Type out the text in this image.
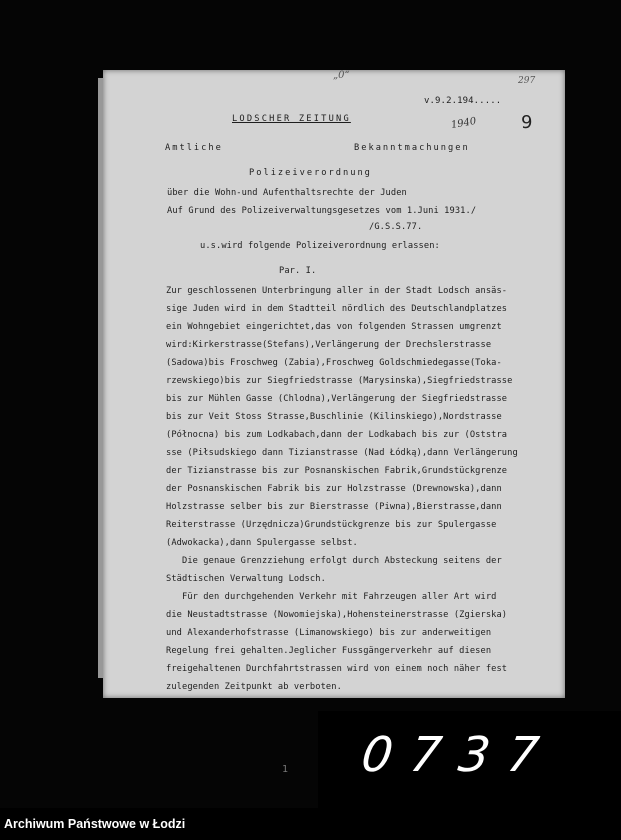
„0“	297
v.9.2.194.....
LODSCHER ZEITUNG	1940 9
Amtliche	Bekanntmachungen
Polizeiverordnung
über die Wohn-und Aufenthaltsrechte der Juden
Auf Grund des Polizeiverwaltungsgesetzes vom 1.Juni 1931./
/G.S.S.77.
u.s.wird folgende Polizeiverordnung erlassen:
Par. I.
Zur geschlossenen Unterbringung aller in der Stadt Lodsch ansäs-
sige Juden wird in dem Stadtteil nördlich des Deutschlandplatzes
ein Wohngebiet eingerichtet,das von folgenden Strassen umgrenzt
wird:Kirkerstrasse(Stefans),Verlängerung der Drechslerstrasse
(Sadowa)bis Froschweg (Zabia),Froschweg Goldschmiedegasse(Toka-
rzewskiego)bis zur Siegfriedstrasse (Marysinska),Siegfriedstrasse
bis zur Mühlen Gasse (Chlodna),Verlängerung der Siegfriedstrasse
bis zur Veit Stoss Strasse,Buschlinie (Kilinskiego),Nordstrasse
(Północna) bis zum Lodkabach,dann der Lodkabach bis zur (Oststra
sse (Piłsudskiego dann Tizianstrasse (Nad Łódką),dann Verlängerung
der Tizianstrasse bis zur Posnanskischen Fabrik,Grundstückgrenze
der Posnanskischen Fabrik bis zur Holzstrasse (Drewnowska),dann
Holzstrasse selber bis zur Bierstrasse (Piwna),Bierstrasse,dann
Reiterstrasse (Urzędnicza)Grundstückgrenze bis zur Spulergasse
(Adwokacka),dann Spulergasse selbst.
Die genaue Grenzziehung erfolgt durch Absteckung seitens der
Städtischen Verwaltung Lodsch.
Für den durchgehenden Verkehr mit Fahrzeugen aller Art wird
die Neustadtstrasse (Nowomiejska),Hohensteinerstrasse (Zgierska)
und Alexanderhofstrasse (Limanowskiego) bis zur anderweitigen
Regelung frei gehalten.Jeglicher Fussgängerverkehr auf diesen
freigehaltenen Durchfahrtstrassen wird von einem noch näher fest
zulegenden Zeitpunkt ab verboten.
1 0737
Archiwum Państwowe w Łodzi
